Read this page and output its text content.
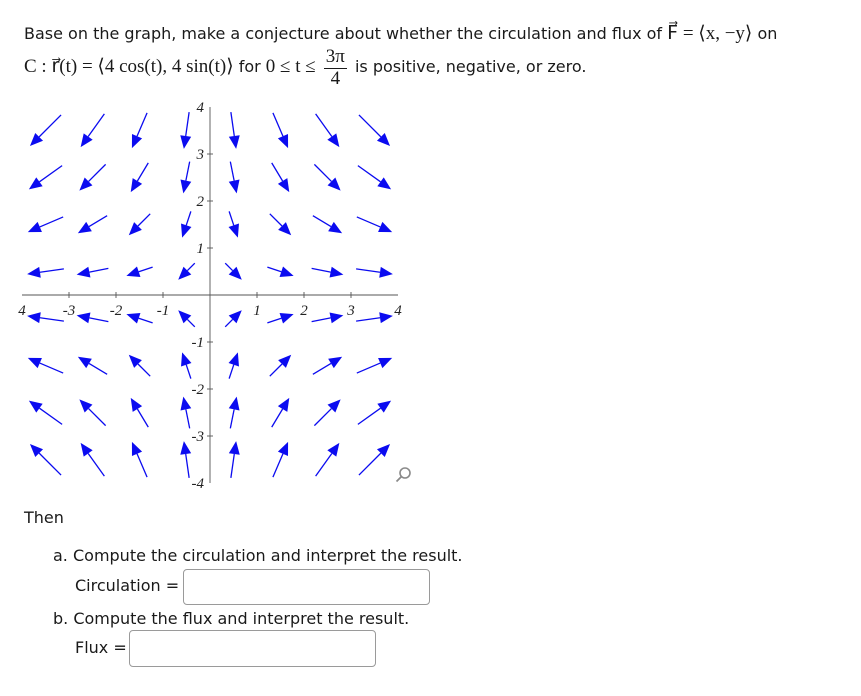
Base on the graph, make a conjecture about whether the circulation and flux of F⃗ = ⟨x, −y⟩ on
C : r⃗(t) = ⟨4 cos(t), 4 sin(t)⟩ for $0 \le t \le \frac{3\pi}{4}$ is positive, negative, or zero.
4 -3 -2 -1	1	2	3	4
4
3
2
1
-1
-2
-3
-4
Then
a. Compute the circulation and interpret the result.
Circulation =
b. Compute the flux and interpret the result.
Flux =
